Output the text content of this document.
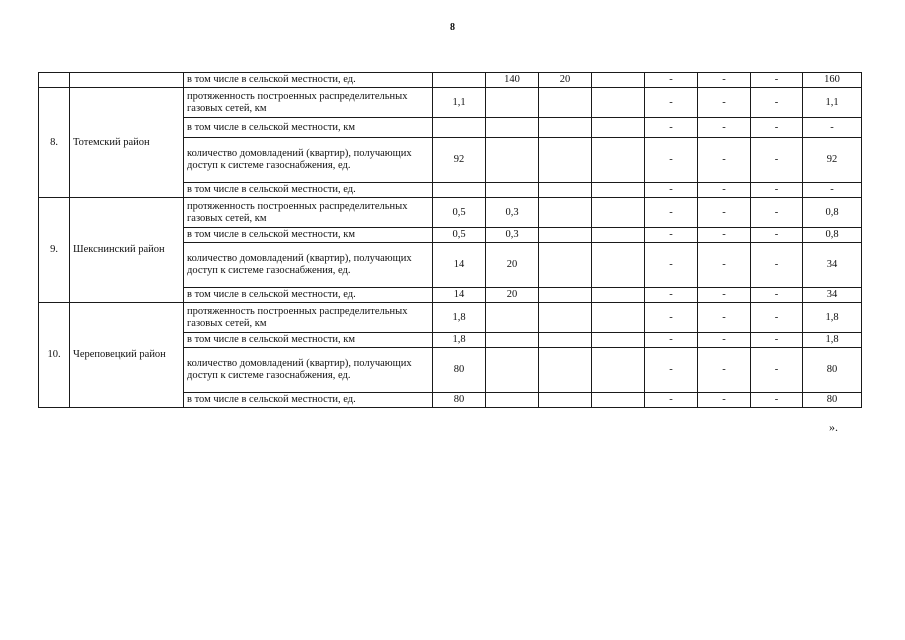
8
		в том числе в сельской местности, ед.		140	20		-	-	-	160
8.	Тотемский район	протяженность построенных распределительных газовых сетей, км	1,1				-	-	-	1,1
		в том числе в сельской местности, км					-	-	-	-
		количество домовладений (квартир), получающих доступ к системе газоснабжения, ед.	92				-	-	-	92
		в том числе в сельской местности, ед.					-	-	-	-
9.	Шекснинский район	протяженность построенных распределительных газовых сетей, км	0,5	0,3			-	-	-	0,8
		в том числе в сельской местности, км	0,5	0,3			-	-	-	0,8
		количество домовладений (квартир), получающих доступ к системе газоснабжения, ед.	14	20			-	-	-	34
		в том числе в сельской местности, ед.	14	20			-	-	-	34
10.	Череповецкий район	протяженность построенных распределительных газовых сетей, км	1,8				-	-	-	1,8
		в том числе в сельской местности, км	1,8				-	-	-	1,8
		количество домовладений (квартир), получающих доступ к системе газоснабжения, ед.	80				-	-	-	80
		в том числе в сельской местности, ед.	80				-	-	-	80
».
